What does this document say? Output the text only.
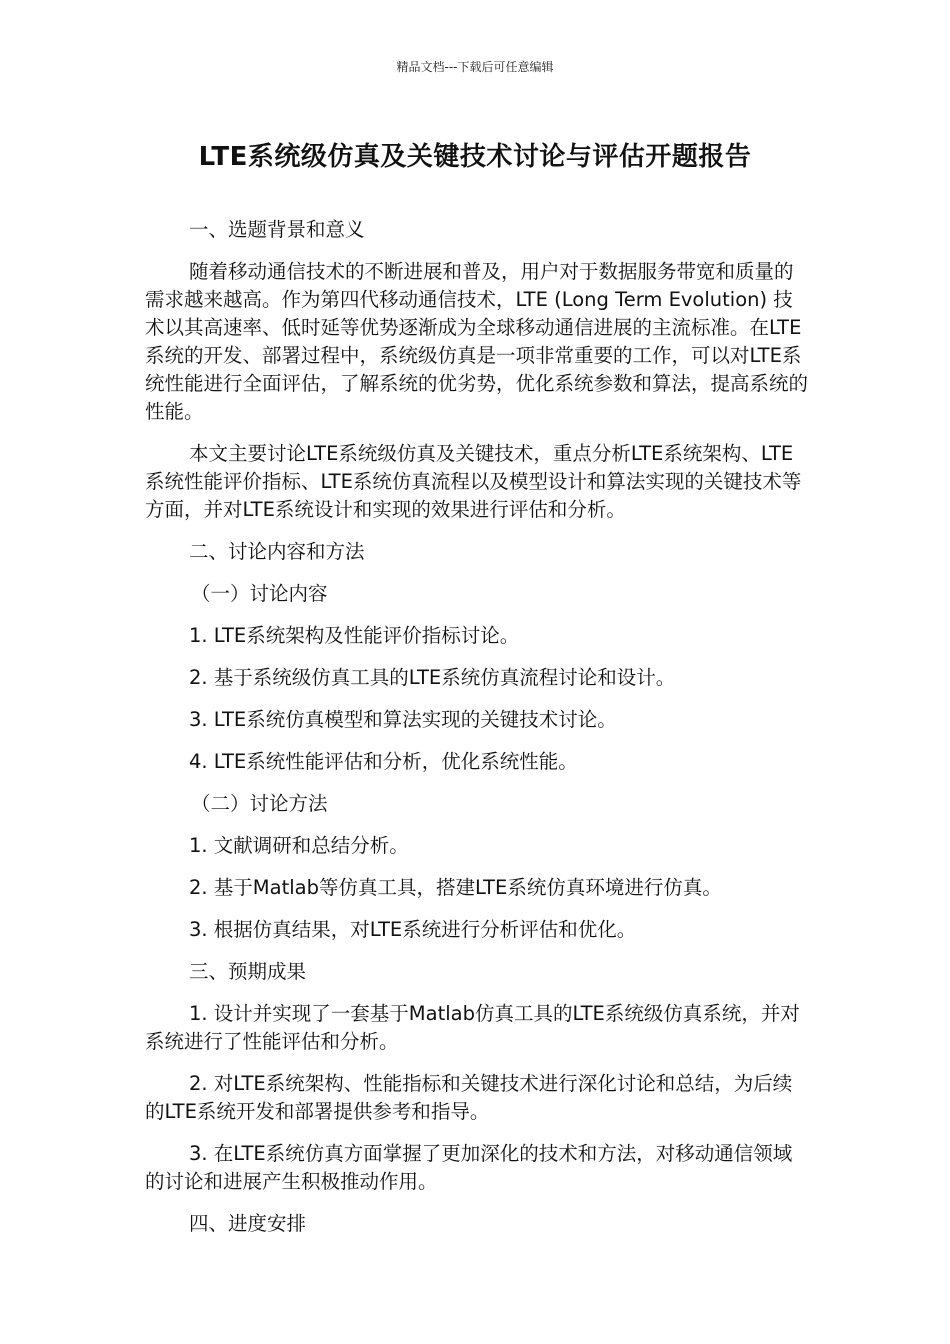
精品文档---下载后可任意编辑
LTE系统级仿真及关键技术讨论与评估开题报告

一、选题背景和意义

随着移动通信技术的不断进展和普及，用户对于数据服务带宽和质量的需求越来越高。作为第四代移动通信技术，LTE (Long Term Evolution) 技术以其高速率、低时延等优势逐渐成为全球移动通信进展的主流标准。在LTE系统的开发、部署过程中，系统级仿真是一项非常重要的工作，可以对LTE系统性能进行全面评估，了解系统的优劣势，优化系统参数和算法，提高系统的性能。

本文主要讨论LTE系统级仿真及关键技术，重点分析LTE系统架构、LTE系统性能评价指标、LTE系统仿真流程以及模型设计和算法实现的关键技术等方面，并对LTE系统设计和实现的效果进行评估和分析。

二、讨论内容和方法

（一）讨论内容

1. LTE系统架构及性能评价指标讨论。

2. 基于系统级仿真工具的LTE系统仿真流程讨论和设计。

3. LTE系统仿真模型和算法实现的关键技术讨论。

4. LTE系统性能评估和分析，优化系统性能。

（二）讨论方法

1. 文献调研和总结分析。

2. 基于Matlab等仿真工具，搭建LTE系统仿真环境进行仿真。

3. 根据仿真结果，对LTE系统进行分析评估和优化。

三、预期成果

1. 设计并实现了一套基于Matlab仿真工具的LTE系统级仿真系统，并对系统进行了性能评估和分析。

2. 对LTE系统架构、性能指标和关键技术进行深化讨论和总结，为后续的LTE系统开发和部署提供参考和指导。

3. 在LTE系统仿真方面掌握了更加深化的技术和方法，对移动通信领域的讨论和进展产生积极推动作用。

四、进度安排
